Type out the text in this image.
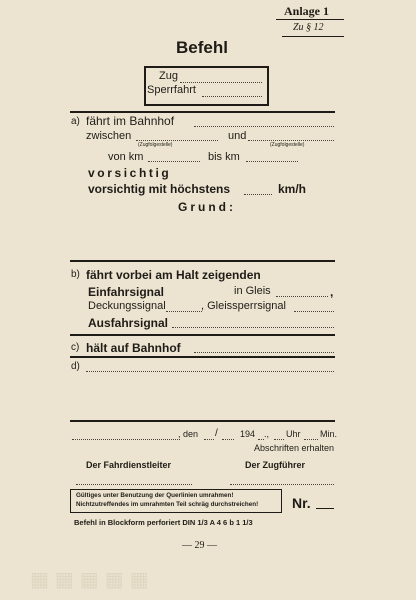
▦▦▦▦▦
Anlage 1
Zu § 12
Befehl
Zug
Sperrfahrt
a) fährt im Bahnhof
zwischen	und
(Zugfolgestelle)	(Zugfolgestelle)
von km	bis km
vorsichtig
vorsichtig mit höchstens	km/h
Grund:
b) fährt vorbei am Halt zeigenden
Einfahrsignal	in Gleis	,
Deckungssignal	, Gleissperrsignal
Ausfahrsignal
c) hält auf Bahnhof
d)
, den / 194 ., Uhr Min.
Abschriften erhalten
Der Fahrdienstleiter	Der Zugführer
Gültiges unter Benutzung der Querlinien umrahmen!
Nichtzutreffendes im umrahmten Teil schräg durchstreichen! Nr.
Befehl in Blockform perforiert DIN 1/3 A 4 6 b 1 1/3
— 29 —
